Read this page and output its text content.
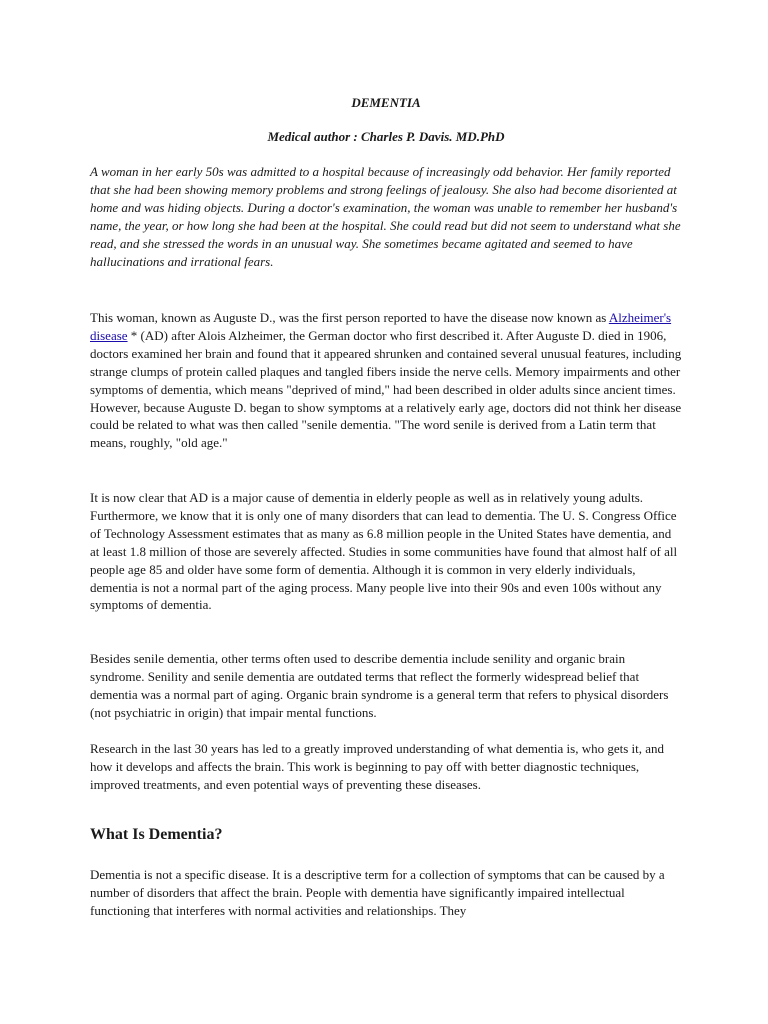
DEMENTIA

Medical author : Charles P. Davis. MD.PhD

A woman in her early 50s was admitted to a hospital because of increasingly odd behavior. Her family reported that she had been showing memory problems and strong feelings of jealousy. She also had become disoriented at home and was hiding objects. During a doctor's examination, the woman was unable to remember her husband's name, the year, or how long she had been at the hospital. She could read but did not seem to understand what she read, and she stressed the words in an unusual way. She sometimes became agitated and seemed to have hallucinations and irrational fears.

This woman, known as Auguste D., was the first person reported to have the disease now known as Alzheimer's disease * (AD) after Alois Alzheimer, the German doctor who first described it. After Auguste D. died in 1906, doctors examined her brain and found that it appeared shrunken and contained several unusual features, including strange clumps of protein called plaques and tangled fibers inside the nerve cells. Memory impairments and other symptoms of dementia, which means "deprived of mind," had been described in older adults since ancient times. However, because Auguste D. began to show symptoms at a relatively early age, doctors did not think her disease could be related to what was then called "senile dementia. "The word senile is derived from a Latin term that means, roughly, "old age."

It is now clear that AD is a major cause of dementia in elderly people as well as in relatively young adults. Furthermore, we know that it is only one of many disorders that can lead to dementia. The U. S. Congress Office of Technology Assessment estimates that as many as 6.8 million people in the United States have dementia, and at least 1.8 million of those are severely affected. Studies in some communities have found that almost half of all people age 85 and older have some form of dementia. Although it is common in very elderly individuals, dementia is not a normal part of the aging process. Many people live into their 90s and even 100s without any symptoms of dementia.

Besides senile dementia, other terms often used to describe dementia include senility and organic brain syndrome. Senility and senile dementia are outdated terms that reflect the formerly widespread belief that dementia was a normal part of aging. Organic brain syndrome is a general term that refers to physical disorders (not psychiatric in origin) that impair mental functions.

Research in the last 30 years has led to a greatly improved understanding of what dementia is, who gets it, and how it develops and affects the brain. This work is beginning to pay off with better diagnostic techniques, improved treatments, and even potential ways of preventing these diseases.

What Is Dementia?

Dementia is not a specific disease. It is a descriptive term for a collection of symptoms that can be caused by a number of disorders that affect the brain. People with dementia have significantly impaired intellectual functioning that interferes with normal activities and relationships. They
